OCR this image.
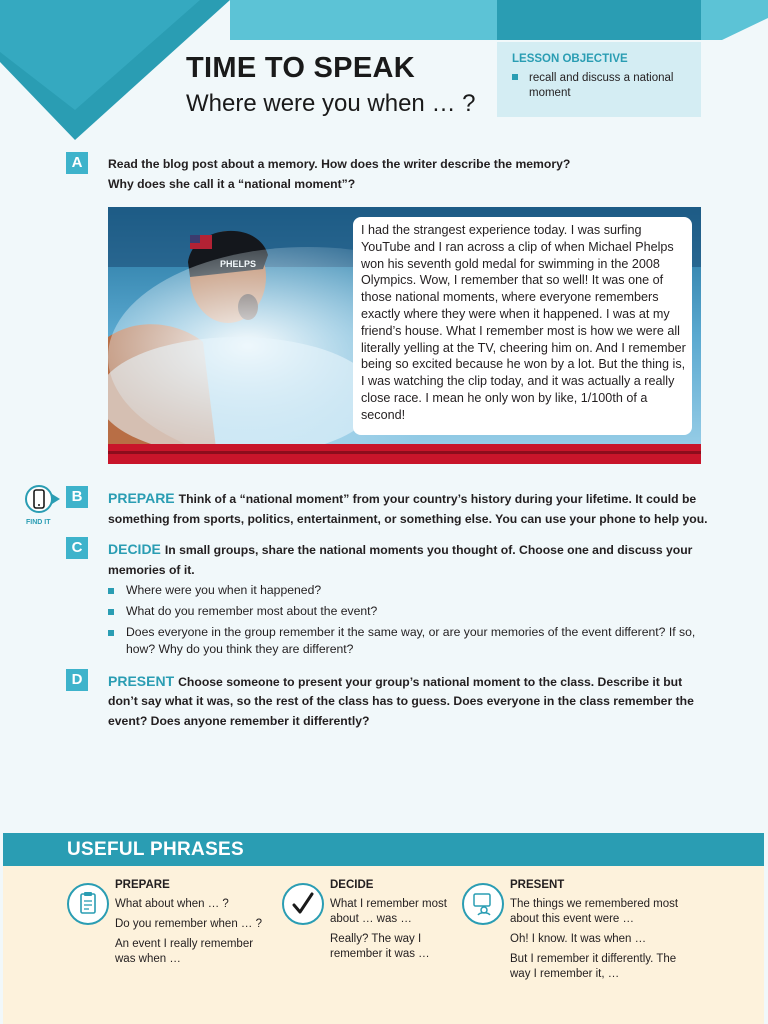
TIME TO SPEAK
Where were you when … ?
LESSON OBJECTIVE
recall and discuss a national moment
A	Read the blog post about a memory. How does the writer describe the memory?
Why does she call it a “national moment”?
I had the strangest experience today. I was surfing YouTube and I ran across a clip of when Michael Phelps won his seventh gold medal for swimming in the 2008 Olympics. Wow, I remember that so well! It was one of those national moments, where everyone remembers exactly where they were when it happened. I was at my friend’s house. What I remember most is how we were all literally yelling at the TV, cheering him on. And I remember being so excited because he won by a lot. But the thing is, I was watching the clip today, and it was actually a really close race. I mean he only won by like, 1/100th of a second!
FIND IT
B	PREPARE Think of a “national moment” from your country’s history during your lifetime. It could be
something from sports, politics, entertainment, or something else. You can use your phone to help you.
C	DECIDE In small groups, share the national moments you thought of. Choose one and discuss your
memories of it.
Where were you when it happened?
What do you remember most about the event?
Does everyone in the group remember it the same way, or are your memories of the event different? If so, how? Why do you think they are different?
D	PRESENT Choose someone to present your group’s national moment to the class. Describe it but
don’t say what it was, so the rest of the class has to guess. Does everyone in the class remember the
event? Does anyone remember it differently?
USEFUL PHRASES
PREPARE
What about when … ?
Do you remember when … ?
An event I really remember
was when …
DECIDE
What I remember most
about … was …
Really? The way I
remember it was …
PRESENT
The things we remembered most
about this event were …
Oh! I know. It was when …
But I remember it differently. The
way I remember it, …
